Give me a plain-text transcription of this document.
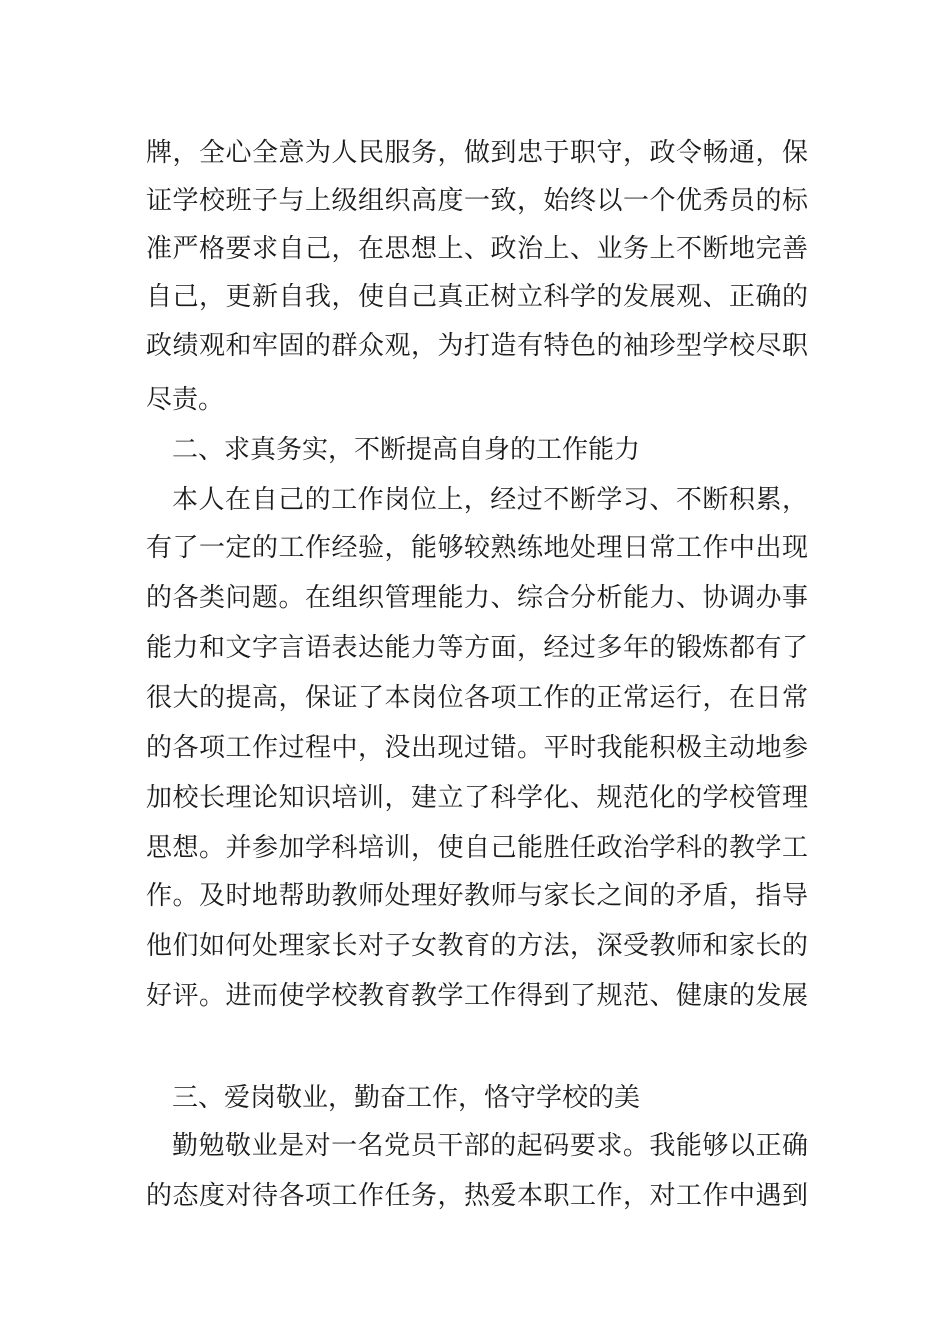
牌，全心全意为人民服务，做到忠于职守，政令畅通，保
证学校班子与上级组织高度一致，始终以一个优秀员的标
准严格要求自己，在思想上、政治上、业务上不断地完善
自己，更新自我，使自己真正树立科学的发展观、正确的
政绩观和牢固的群众观，为打造有特色的袖珍型学校尽职
尽责。
二、求真务实，不断提高自身的工作能力
本人在自己的工作岗位上，经过不断学习、不断积累，
有了一定的工作经验，能够较熟练地处理日常工作中出现
的各类问题。在组织管理能力、综合分析能力、协调办事
能力和文字言语表达能力等方面，经过多年的锻炼都有了
很大的提高，保证了本岗位各项工作的正常运行，在日常
的各项工作过程中，没出现过错。平时我能积极主动地参
加校长理论知识培训，建立了科学化、规范化的学校管理
思想。并参加学科培训，使自己能胜任政治学科的教学工
作。及时地帮助教师处理好教师与家长之间的矛盾，指导
他们如何处理家长对子女教育的方法，深受教师和家长的
好评。进而使学校教育教学工作得到了规范、健康的发展
三、爱岗敬业，勤奋工作，恪守学校的美
勤勉敬业是对一名党员干部的起码要求。我能够以正确
的态度对待各项工作任务，热爱本职工作，对工作中遇到
